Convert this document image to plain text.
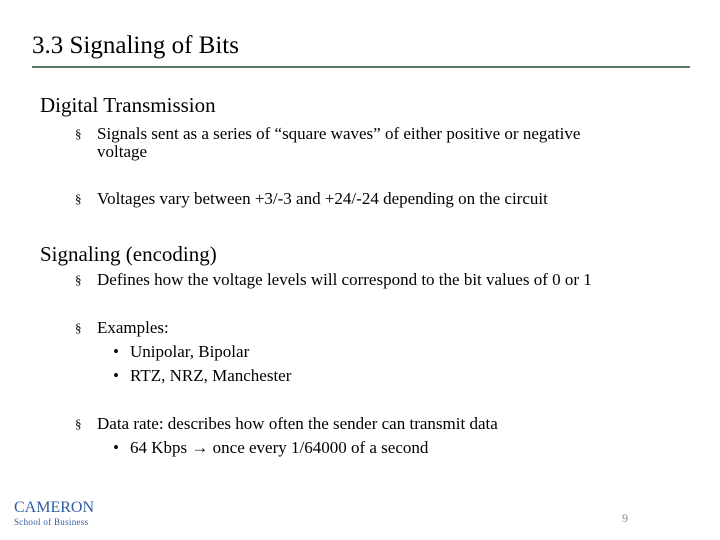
3.3 Signaling of Bits
Digital Transmission
§ Signals sent as a series of “square waves” of either positive or negative
voltage
§ Voltages vary between +3/-3 and +24/-24 depending on the circuit
Signaling (encoding)
§ Defines how the voltage levels will correspond to the bit values of 0 or 1
§ Examples:
• Unipolar, Bipolar
• RTZ, NRZ, Manchester
§ Data rate: describes how often the sender can transmit data
• 64 Kbps → once every 1/64000 of a second
CAMERON
School of Business	9
